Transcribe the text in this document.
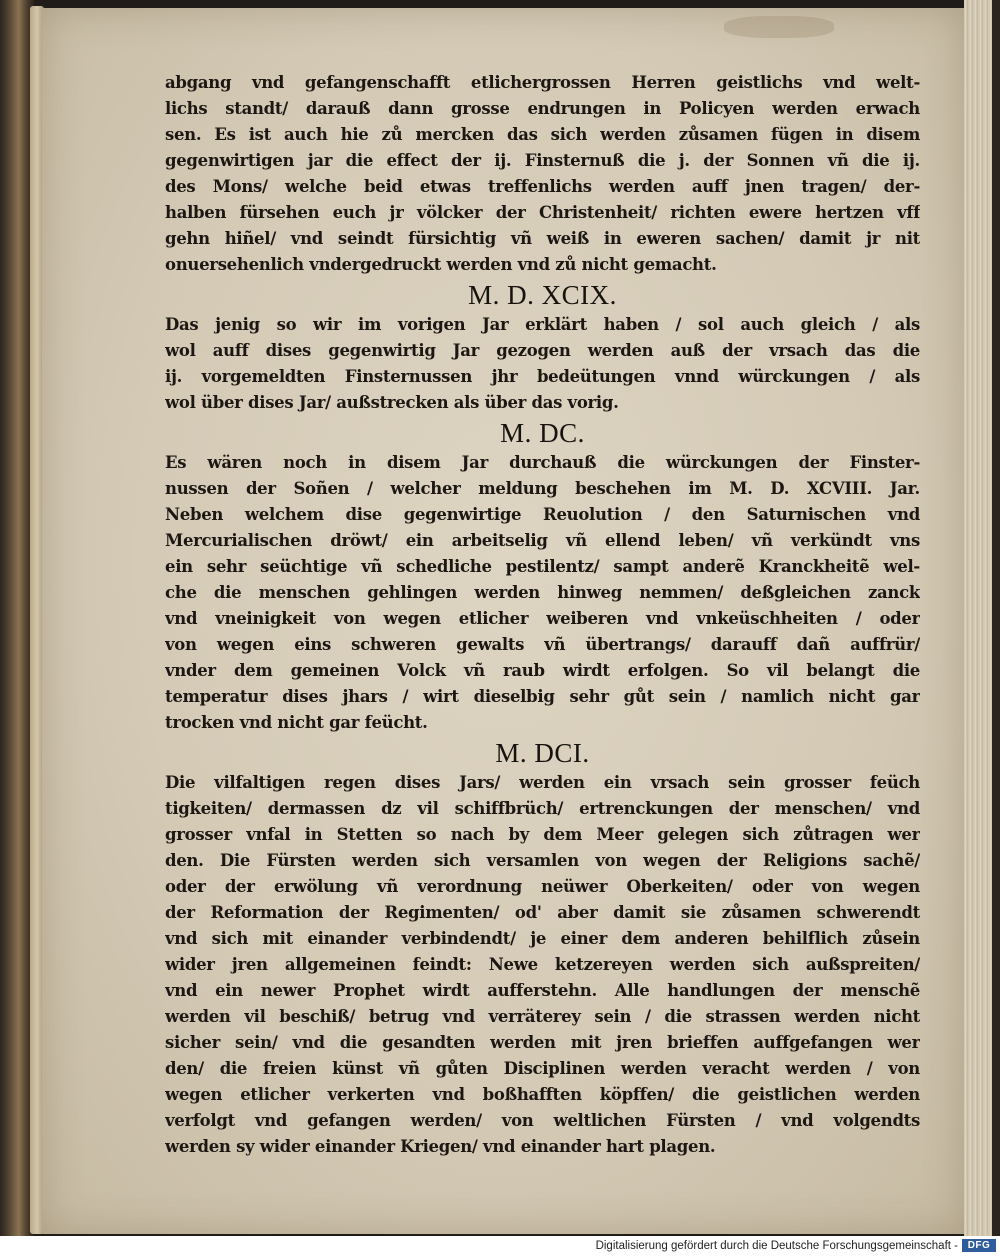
abgang vnd gefangenschafft etlichergrossen Herren geistlichs vnd welt-
lichs standt/ darauß dann grosse endrungen in Policyen werden erwach
sen. Es ist auch hie zů mercken das sich werden zůsamen fügen in disem
gegenwirtigen jar die effect der ij. Finsternuß die j. der Sonnen vñ die ij.
des Mons/ welche beid etwas treffenlichs werden auff jnen tragen/ der-
halben fürsehen euch jr völcker der Christenheit/ richten ewere hertzen vff
gehn hiñel/ vnd seindt fürsichtig vñ weiß in eweren sachen/ damit jr nit
onuersehenlich vndergedruckt werden vnd zů nicht gemacht.
M. D. XCIX.
Das jenig so wir im vorigen Jar erklärt haben / sol auch gleich / als
wol auff dises gegenwirtig Jar gezogen werden auß der vrsach das die
ij. vorgemeldten Finsternussen jhr bedeütungen vnnd würckungen / als
wol über dises Jar/ außstrecken als über das vorig.
M. DC.
Es wären noch in disem Jar durchauß die würckungen der Finster-
nussen der Soñen / welcher meldung beschehen im M. D. XCVIII. Jar.
Neben welchem dise gegenwirtige Reuolution / den Saturnischen vnd
Mercurialischen dröwt/ ein arbeitselig vñ ellend leben/ vñ verkündt vns
ein sehr seüchtige vñ schedliche pestilentz/ sampt anderẽ Kranckheitẽ wel-
che die menschen gehlingen werden hinweg nemmen/ deßgleichen zanck
vnd vneinigkeit von wegen etlicher weiberen vnd vnkeüschheiten / oder
von wegen eins schweren gewalts vñ übertrangs/ darauff dañ auffrür/
vnder dem gemeinen Volck vñ raub wirdt erfolgen. So vil belangt die
temperatur dises jhars / wirt dieselbig sehr gůt sein / namlich nicht gar
trocken vnd nicht gar feücht.
M. DCI.
Die vilfaltigen regen dises Jars/ werden ein vrsach sein grosser feüch
tigkeiten/ dermassen dz vil schiffbrüch/ ertrenckungen der menschen/ vnd
grosser vnfal in Stetten so nach by dem Meer gelegen sich zůtragen wer
den. Die Fürsten werden sich versamlen von wegen der Religions sachẽ/
oder der erwölung vñ verordnung neüwer Oberkeiten/ oder von wegen
der Reformation der Regimenten/ od' aber damit sie zůsamen schwerendt
vnd sich mit einander verbindendt/ je einer dem anderen behilflich zůsein
wider jren allgemeinen feindt: Newe ketzereyen werden sich außspreiten/
vnd ein newer Prophet wirdt aufferstehn. Alle handlungen der menschẽ
werden vil beschiß/ betrug vnd verräterey sein / die strassen werden nicht
sicher sein/ vnd die gesandten werden mit jren brieffen auffgefangen wer
den/ die freien künst vñ gůten Disciplinen werden veracht werden / von
wegen etlicher verkerten vnd boßhafften köpffen/ die geistlichen werden
verfolgt vnd gefangen werden/ von weltlichen Fürsten / vnd volgendts
werden sy wider einander Kriegen/ vnd einander hart plagen.
Digitalisierung gefördert durch die Deutsche Forschungsgemeinschaft - DFG
